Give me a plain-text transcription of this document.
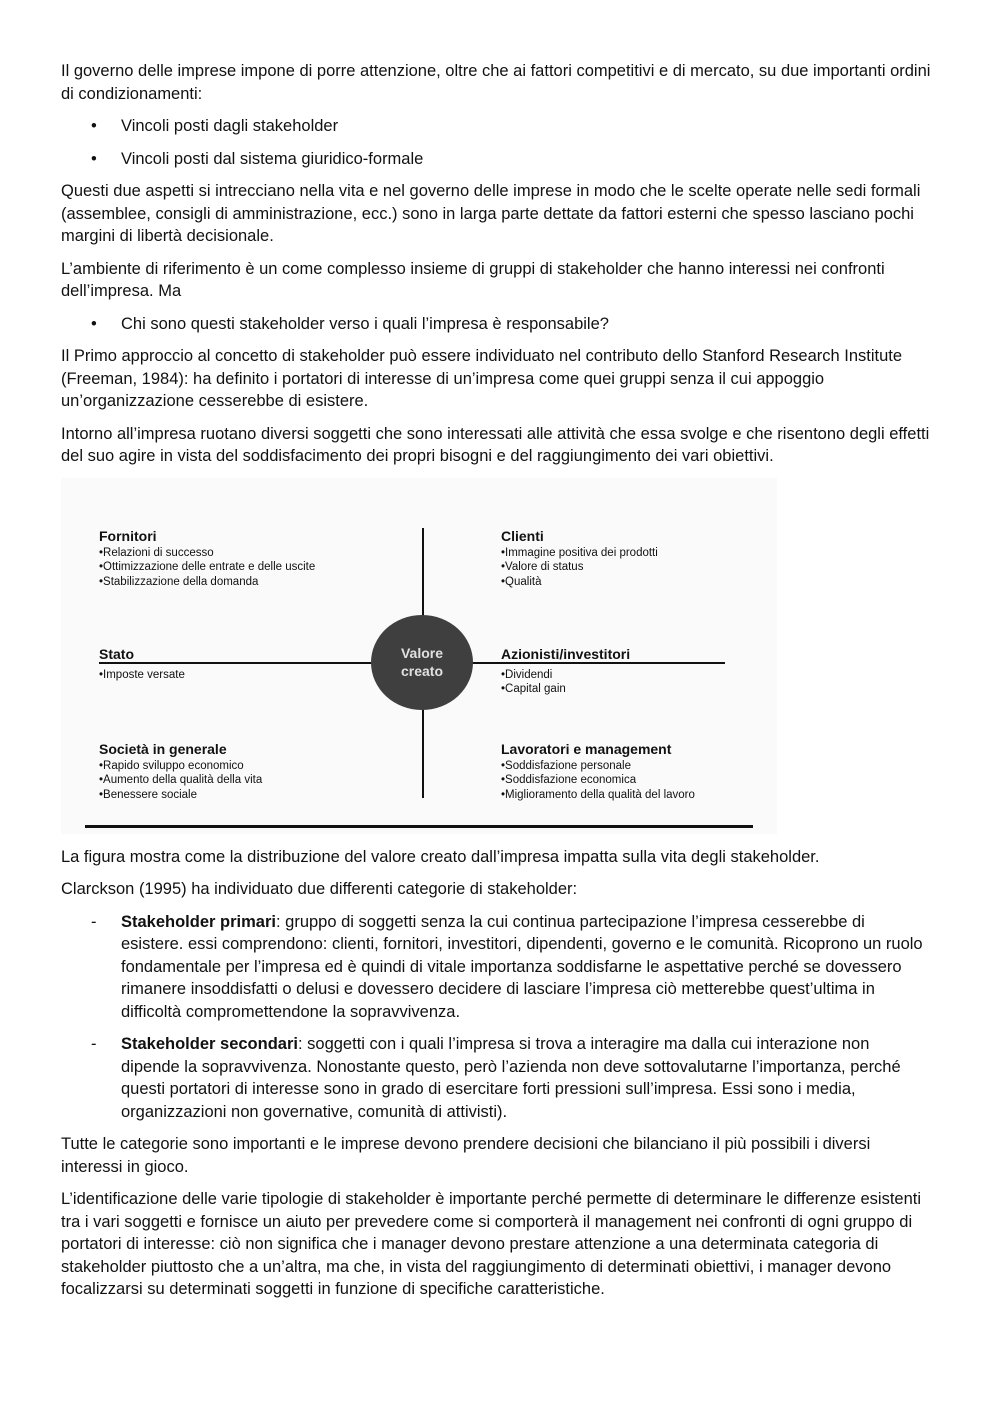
Il governo delle imprese impone di porre attenzione, oltre che ai fattori competitivi e di mercato, su due importanti ordini di condizionamenti:

• Vincoli posti dagli stakeholder
• Vincoli posti dal sistema giuridico-formale

Questi due aspetti si intrecciano nella vita e nel governo delle imprese in modo che le scelte operate nelle sedi formali (assemblee, consigli di amministrazione, ecc.) sono in larga parte dettate da fattori esterni che spesso lasciano pochi margini di libertà decisionale.

L’ambiente di riferimento è un come complesso insieme di gruppi di stakeholder che hanno interessi nei confronti dell’impresa. Ma

• Chi sono questi stakeholder verso i quali l’impresa è responsabile?

Il Primo approccio al concetto di stakeholder può essere individuato nel contributo dello Stanford Research Institute (Freeman, 1984): ha definito i portatori di interesse di un’impresa come quei gruppi senza il cui appoggio un’organizzazione cesserebbe di esistere.

Intorno all’impresa ruotano diversi soggetti che sono interessati alle attività che essa svolge e che risentono degli effetti del suo agire in vista del soddisfacimento dei propri bisogni e del raggiungimento dei vari obiettivi.

Valore
creato
Fornitori
• Relazioni di successo
• Ottimizzazione delle entrate e delle uscite
• Stabilizzazione della domanda
Clienti
• Immagine positiva dei prodotti
• Valore di status
• Qualità
Stato
• Imposte versate
Azionisti/investitori
• Dividendi
• Capital gain
Società in generale
• Rapido sviluppo economico
• Aumento della qualità della vita
• Benessere sociale
Lavoratori e management
• Soddisfazione personale
• Soddisfazione economica
• Miglioramento della qualità del lavoro

La figura mostra come la distribuzione del valore creato dall’impresa impatta sulla vita degli stakeholder.

Clarckson (1995) ha individuato due differenti categorie di stakeholder:

- Stakeholder primari: gruppo di soggetti senza la cui continua partecipazione l’impresa cesserebbe di esistere. essi comprendono: clienti, fornitori, investitori, dipendenti, governo e le comunità. Ricoprono un ruolo fondamentale per l’impresa ed è quindi di vitale importanza soddisfarne le aspettative perché se dovessero rimanere insoddisfatti o delusi e dovessero decidere di lasciare l’impresa ciò metterebbe quest’ultima in difficoltà compromettendone la sopravvivenza.
- Stakeholder secondari: soggetti con i quali l’impresa si trova a interagire ma dalla cui interazione non dipende la sopravvivenza. Nonostante questo, però l’azienda non deve sottovalutarne l’importanza, perché questi portatori di interesse sono in grado di esercitare forti pressioni sull’impresa. Essi sono i media, organizzazioni non governative, comunità di attivisti).

Tutte le categorie sono importanti e le imprese devono prendere decisioni che bilanciano il più possibili i diversi interessi in gioco.

L’identificazione delle varie tipologie di stakeholder è importante perché permette di determinare le differenze esistenti tra i vari soggetti e fornisce un aiuto per prevedere come si comporterà il management nei confronti di ogni gruppo di portatori di interesse: ciò non significa che i manager devono prestare attenzione a una determinata categoria di stakeholder piuttosto che a un’altra, ma che, in vista del raggiungimento di determinati obiettivi, i manager devono focalizzarsi su determinati soggetti in funzione di specifiche caratteristiche.
